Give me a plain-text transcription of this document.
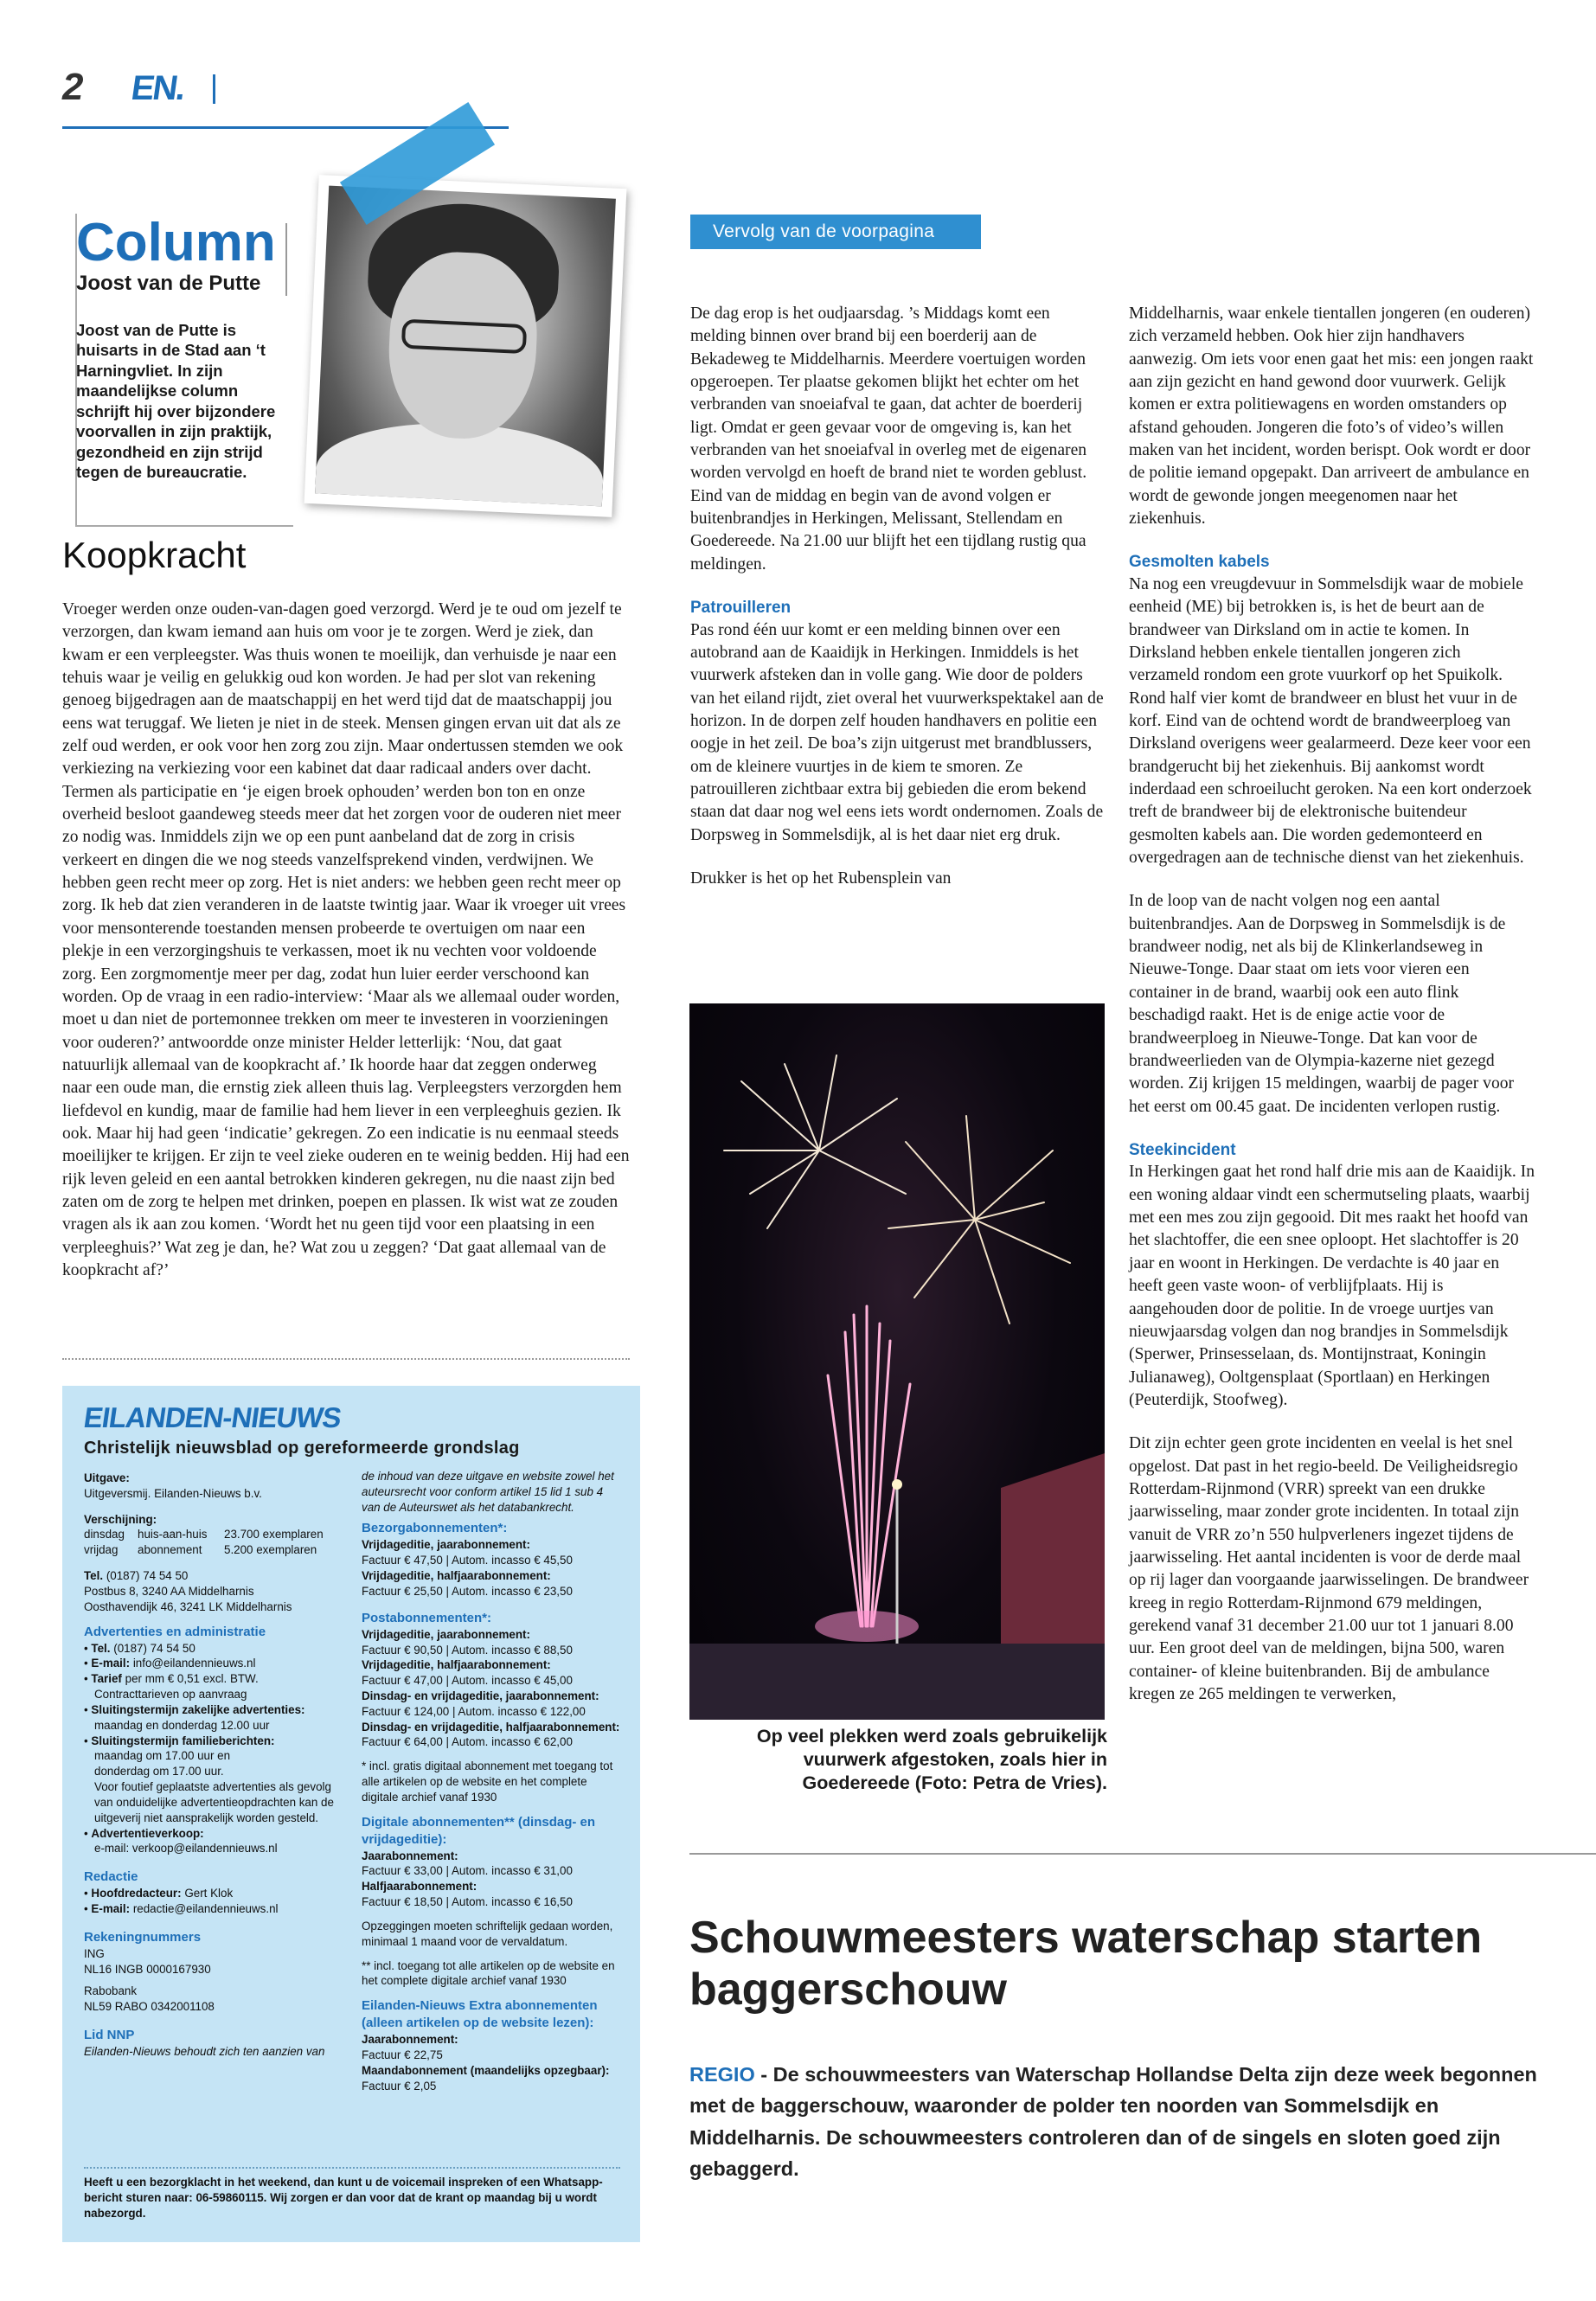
2 EN.
Column
Joost van de Putte
Joost van de Putte is huisarts in de Stad aan ‘t Harningvliet. In zijn maandelijkse column schrijft hij over bijzondere voorvallen in zijn praktijk, gezondheid en zijn strijd tegen de bureaucratie.
Koopkracht
Vroeger werden onze ouden-van-dagen goed verzorgd. Werd je te oud om jezelf te verzorgen, dan kwam iemand aan huis om voor je te zorgen. Werd je ziek, dan kwam er een verpleegster. Was thuis wonen te moeilijk, dan verhuisde je naar een tehuis waar je veilig en gelukkig oud kon worden. Je had per slot van rekening genoeg bijgedragen aan de maatschappij en het werd tijd dat de maatschappij jou eens wat teruggaf. We lieten je niet in de steek. Mensen gingen ervan uit dat als ze zelf oud werden, er ook voor hen zorg zou zijn. Maar ondertussen stemden we ook verkiezing na verkiezing voor een kabinet dat daar radicaal anders over dacht. Termen als participatie en ‘je eigen broek ophouden’ werden bon ton en onze overheid besloot gaandeweg steeds meer dat het zorgen voor de ouderen niet meer zo nodig was. Inmiddels zijn we op een punt aanbeland dat de zorg in crisis verkeert en dingen die we nog steeds vanzelfsprekend vinden, verdwijnen. We hebben geen recht meer op zorg. Het is niet anders: we hebben geen recht meer op zorg. Ik heb dat zien veranderen in de laatste twintig jaar. Waar ik vroeger uit vrees voor mensonterende toestanden mensen probeerde te overtuigen om naar een plekje in een verzorgingshuis te verkassen, moet ik nu vechten voor voldoende zorg. Een zorgmomentje meer per dag, zodat hun luier eerder verschoond kan worden. Op de vraag in een radio-interview: ‘Maar als we allemaal ouder worden, moet u dan niet de portemonnee trekken om meer te investeren in voorzieningen voor ouderen?’ antwoordde onze minister Helder letterlijk: ‘Nou, dat gaat natuurlijk allemaal van de koopkracht af.’ Ik hoorde haar dat zeggen onderweg naar een oude man, die ernstig ziek alleen thuis lag. Verpleegsters verzorgden hem liefdevol en kundig, maar de familie had hem liever in een verpleeghuis gezien. Ik ook. Maar hij had geen ‘indicatie’ gekregen. Zo een indicatie is nu eenmaal steeds moeilijker te krijgen. Er zijn te veel zieke ouderen en te weinig bedden. Hij had een rijk leven geleid en een aantal betrokken kinderen gekregen, nu die naast zijn bed zaten om de zorg te helpen met drinken, poepen en plassen. Ik wist wat ze zouden vragen als ik aan zou komen. ‘Wordt het nu geen tijd voor een plaatsing in een verpleeghuis?’ Wat zeg je dan, he? Wat zou u zeggen? ‘Dat gaat allemaal van de koopkracht af?’
EILANDEN-NIEUWS
Christelijk nieuwsblad op gereformeerde grondslag
Uitgave:
Uitgeversmij. Eilanden-Nieuws b.v.
Verschijning:
dinsdag huis-aan-huis 23.700 exemplaren
vrijdag abonnement 5.200 exemplaren
Tel. (0187) 74 54 50
Postbus 8, 3240 AA Middelharnis
Oosthavendijk 46, 3241 LK Middelharnis
Advertenties en administratie
• Tel. (0187) 74 54 50
• E-mail: info@eilandennieuws.nl
• Tarief per mm € 0,51 excl. BTW.
Contracttarieven op aanvraag
• Sluitingstermijn zakelijke advertenties:
maandag en donderdag 12.00 uur
• Sluitingstermijn familieberichten:
maandag om 17.00 uur en
donderdag om 17.00 uur.
Voor foutief geplaatste advertenties als gevolg van onduidelijke advertentieopdrachten kan de uitgeverij niet aansprakelijk worden gesteld.
• Advertentieverkoop:
e-mail: verkoop@eilandennieuws.nl
Redactie
• Hoofdredacteur: Gert Klok
• E-mail: redactie@eilandennieuws.nl
Rekeningnummers
ING
NL16 INGB 0000167930
Rabobank
NL59 RABO 0342001108
Lid NNP
Eilanden-Nieuws behoudt zich ten aanzien van
de inhoud van deze uitgave en website zowel het auteursrecht voor conform artikel 15 lid 1 sub 4 van de Auteurswet als het databankrecht.
Bezorgabonnementen*:
Vrijdageditie, jaarabonnement:
Factuur € 47,50 | Autom. incasso € 45,50
Vrijdageditie, halfjaarabonnement:
Factuur € 25,50 | Autom. incasso € 23,50
Postabonnementen*:
Vrijdageditie, jaarabonnement:
Factuur € 90,50 | Autom. incasso € 88,50
Vrijdageditie, halfjaarabonnement:
Factuur € 47,00 | Autom. incasso € 45,00
Dinsdag- en vrijdageditie, jaarabonnement:
Factuur € 124,00 | Autom. incasso € 122,00
Dinsdag- en vrijdageditie, halfjaarabonnement:
Factuur € 64,00 | Autom. incasso € 62,00
* incl. gratis digitaal abonnement met toegang tot alle artikelen op de website en het complete digitale archief vanaf 1930
Digitale abonnementen** (dinsdag- en vrijdageditie):
Jaarabonnement:
Factuur € 33,00 | Autom. incasso € 31,00
Halfjaarabonnement:
Factuur € 18,50 | Autom. incasso € 16,50
Opzeggingen moeten schriftelijk gedaan worden, minimaal 1 maand voor de vervaldatum.
** incl. toegang tot alle artikelen op de website en het complete digitale archief vanaf 1930
Eilanden-Nieuws Extra abonnementen (alleen artikelen op de website lezen):
Jaarabonnement:
Factuur € 22,75
Maandabonnement (maandelijks opzegbaar):
Factuur € 2,05
Heeft u een bezorgklacht in het weekend, dan kunt u de voicemail inspreken of een Whatsapp-bericht sturen naar: 06-59860115. Wij zorgen er dan voor dat de krant op maandag bij u wordt nabezorgd.
Vervolg van de voorpagina

De dag erop is het oudjaarsdag. ’s Middags komt een melding binnen over brand bij een boerderij aan de Bekadeweg te Middelharnis. Meerdere voertuigen worden opgeroepen. Ter plaatse gekomen blijkt het echter om het verbranden van snoeiafval te gaan, dat achter de boerderij ligt. Omdat er geen gevaar voor de omgeving is, kan het verbranden van het snoeiafval in overleg met de eigenaren worden vervolgd en hoeft de brand niet te worden geblust. Eind van de middag en begin van de avond volgen er buitenbrandjes in Herkingen, Melissant, Stellendam en Goedereede. Na 21.00 uur blijft het een tijdlang rustig qua meldingen.

Patrouilleren

Pas rond één uur komt er een melding binnen over een autobrand aan de Kaaidijk in Herkingen. Inmiddels is het vuurwerk afsteken dan in volle gang. Wie door de polders van het eiland rijdt, ziet overal het vuurwerkspektakel aan de horizon. In de dorpen zelf houden handhavers en politie een oogje in het zeil. De boa’s zijn uitgerust met brandblussers, om de kleinere vuurtjes in de kiem te smoren. Ze patrouilleren zichtbaar extra bij gebieden die erom bekend staan dat daar nog wel eens iets wordt ondernomen. Zoals de Dorpsweg in Sommelsdijk, al is het daar niet erg druk.

Drukker is het op het Rubensplein van

Middelharnis, waar enkele tientallen jongeren (en ouderen) zich verzameld hebben. Ook hier zijn handhavers aanwezig. Om iets voor enen gaat het mis: een jongen raakt aan zijn gezicht en hand gewond door vuurwerk. Gelijk komen er extra politiewagens en worden omstanders op afstand gehouden. Jongeren die foto’s of video’s willen maken van het incident, worden berispt. Ook wordt er door de politie iemand opgepakt. Dan arriveert de ambulance en wordt de gewonde jongen meegenomen naar het ziekenhuis.

Gesmolten kabels

Na nog een vreugdevuur in Sommelsdijk waar de mobiele eenheid (ME) bij betrokken is, is het de beurt aan de brandweer van Dirksland om in actie te komen. In Dirksland hebben enkele tientallen jongeren zich verzameld rondom een grote vuurkorf op het Spuikolk. Rond half vier komt de brandweer en blust het vuur in de korf. Eind van de ochtend wordt de brandweerploeg van Dirksland overigens weer gealarmeerd. Deze keer voor een brandgerucht bij het ziekenhuis. Bij aankomst wordt inderdaad een schroeilucht geroken. Na een kort onderzoek treft de brandweer bij de elektronische buitendeur gesmolten kabels aan. Die worden gedemonteerd en overgedragen aan de technische dienst van het ziekenhuis.

In de loop van de nacht volgen nog een aantal buitenbrandjes. Aan de Dorpsweg in Sommelsdijk is de brandweer nodig, net als bij de Klinkerlandseweg in Nieuwe-Tonge. Daar staat om iets voor vieren een container in de brand, waarbij ook een auto flink beschadigd raakt. Het is de enige actie voor de brandweerploeg in Nieuwe-Tonge. Dat kan voor de brandweerlieden van de Olympia-kazerne niet gezegd worden. Zij krijgen 15 meldingen, waarbij de pager voor het eerst om 00.45 gaat. De incidenten verlopen rustig.

Steekincident

In Herkingen gaat het rond half drie mis aan de Kaaidijk. In een woning aldaar vindt een schermutseling plaats, waarbij met een mes zou zijn gegooid. Dit mes raakt het hoofd van het slachtoffer, die een snee oploopt. Het slachtoffer is 20 jaar en woont in Herkingen. De verdachte is 40 jaar en heeft geen vaste woon- of verblijfplaats. Hij is aangehouden door de politie. In de vroege uurtjes van nieuwjaarsdag volgen dan nog brandjes in Sommelsdijk (Sperwer, Prinsesselaan, ds. Montijnstraat, Koningin Julianaweg), Ooltgensplaat (Sportlaan) en Herkingen (Peuterdijk, Stoofweg).

Dit zijn echter geen grote incidenten en veelal is het snel opgelost. Dat past in het regio-beeld. De Veiligheidsregio Rotterdam-Rijnmond (VRR) spreekt van een drukke jaarwisseling, maar zonder grote incidenten. In totaal zijn vanuit de VRR zo’n 550 hulpverleners ingezet tijdens de jaarwisseling. Het aantal incidenten is voor de derde maal op rij lager dan voorgaande jaarwisselingen. De brandweer kreeg in regio Rotterdam-Rijnmond 679 meldingen, gerekend vanaf 31 december 21.00 uur tot 1 januari 8.00 uur. Een groot deel van de meldingen, bijna 500, waren container- of kleine buitenbranden. Bij de ambulance kregen ze 265 meldingen te verwerken,

Op veel plekken werd zoals gebruikelijk vuurwerk afgestoken, zoals hier in Goedereede (Foto: Petra de Vries).
Schouwmeesters waterschap starten baggerschouw
REGIO - De schouwmeesters van Waterschap Hollandse Delta zijn deze week begonnen met de baggerschouw, waaronder de polder ten noorden van Sommelsdijk en Middelharnis. De schouwmeesters controleren dan of de singels en sloten goed zijn gebaggerd.
